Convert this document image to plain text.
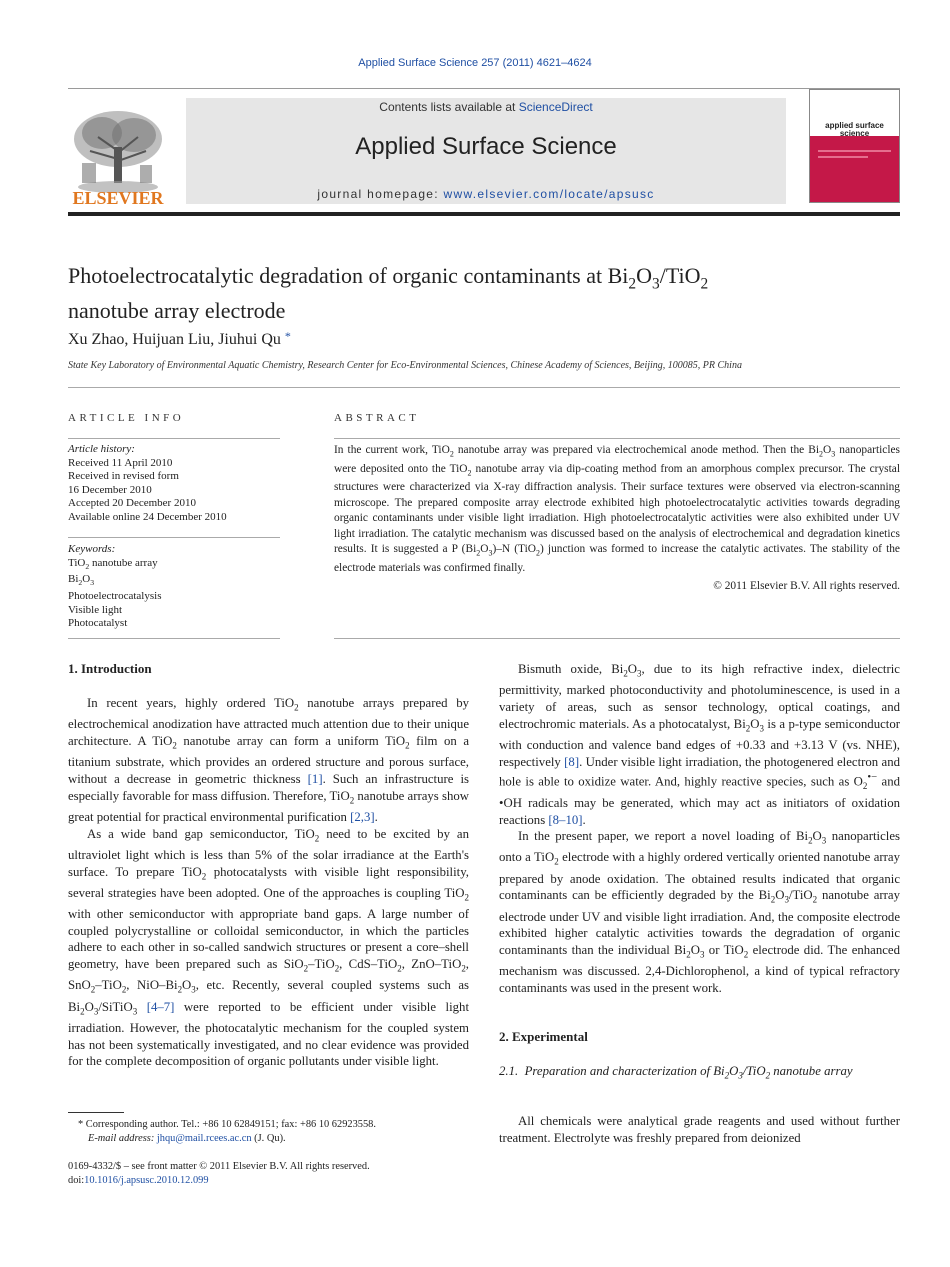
Applied Surface Science 257 (2011) 4621–4624
ELSEVIER
Contents lists available at ScienceDirect
Applied Surface Science
journal homepage: www.elsevier.com/locate/apsusc
applied surface science
Photoelectrocatalytic degradation of organic contaminants at $Bi_2O_3/TiO_2$
nanotube array electrode
Xu Zhao, Huijuan Liu, Jiuhui Qu *
State Key Laboratory of Environmental Aquatic Chemistry, Research Center for Eco-Environmental Sciences, Chinese Academy of Sciences, Beijing, 100085, PR China
ARTICLE INFO
Article history:
Received 11 April 2010
Received in revised form
16 December 2010
Accepted 20 December 2010
Available online 24 December 2010
Keywords:
TiO$_2$ nanotube array
$Bi_2O_3$
Photoelectrocatalysis
Visible light
Photocatalyst
ABSTRACT
In the current work, TiO$_2$ nanotube array was prepared via electrochemical anode method. Then the $Bi_2O_3$ nanoparticles were deposited onto the TiO$_2$ nanotube array via dip-coating method from an amorphous complex precursor. The crystal structures were characterized via X-ray diffraction analysis. Their surface textures were observed via electron-scanning microscope. The prepared composite array electrode exhibited high photoelectrocatalytic activities towards degrading organic contaminants under visible light irradiation. High photoelectrocatalytic activities were also exhibited under UV light irradiation. The catalytic mechanism was discussed based on the analysis of electrochemical and degradation kinetics results. It is suggested a P $(Bi_2O_3)-N$ (TiO$_2$) junction was formed to increase the catalytic activates. The stability of the electrode materials was confirmed finally.
© 2011 Elsevier B.V. All rights reserved.
1. Introduction

In recent years, highly ordered TiO$_2$ nanotube arrays prepared by electrochemical anodization have attracted much attention due to their unique architecture. A TiO$_2$ nanotube array can form a uniform TiO$_2$ film on a titanium substrate, which provides an ordered structure and porous surface, without a decrease in geometric thickness [1]. Such an infrastructure is especially favorable for mass diffusion. Therefore, TiO$_2$ nanotube arrays show great potential for practical environmental purification [2,3].

As a wide band gap semiconductor, TiO$_2$ need to be excited by an ultraviolet light which is less than 5% of the solar irradiance at the Earth's surface. To prepare TiO$_2$ photocatalysts with visible light responsibility, several strategies have been adopted. One of the approaches is coupling TiO$_2$ with other semiconductor with appropriate band gaps. A large number of coupled polycrystalline or colloidal semiconductor, in which the particles adhere to each other in so-called sandwich structures or present a core–shell geometry, have been prepared such as SiO$_2$–TiO$_2$, CdS–TiO$_2$, ZnO–TiO$_2$, SnO$_2$–TiO$_2$, NiO–$Bi_2O_3$, etc. Recently, several coupled systems such as $Bi_2O_3/SiTiO_3$ [4–7] were reported to be efficient under visible light irradiation. However, the photocatalytic mechanism for the coupled system has not been systematically investigated, and no clear evidence was provided for the complete decomposition of organic pollutants under visible light.

Bismuth oxide, $Bi_2O_3$, due to its high refractive index, dielectric permittivity, marked photoconductivity and photoluminescence, is used in a variety of areas, such as sensor technology, optical coatings, and electrochromic materials. As a photocatalyst, $Bi_2O_3$ is a p-type semiconductor with conduction and valence band edges of +0.33 and +3.13 V (vs. NHE), respectively [8]. Under visible light irradiation, the photogenered electron and hole is able to oxidize water. And, highly reactive species, such as $O_2^{•-}$ and •OH radicals may be generated, which may act as initiators of oxidation reactions [8–10].

In the present paper, we report a novel loading of $Bi_2O_3$ nanoparticles onto a TiO$_2$ electrode with a highly ordered vertically oriented nanotube array prepared by anode oxidation. The obtained results indicated that organic contaminants can be efficiently degraded by the $Bi_2O_3/TiO_2$ nanotube array electrode under UV and visible light irradiation. And, the composite electrode exhibited higher catalytic activities towards the degradation of organic contaminants than the individual $Bi_2O_3$ or TiO$_2$ electrode did. The enhanced mechanism was discussed. 2,4-Dichlorophenol, a kind of typical refractory contaminants was used in the present work.

2. Experimental
2.1.  Preparation and characterization of $Bi_2O_3/TiO_2$ nanotube array

All chemicals were analytical grade reagents and used without further treatment. Electrolyte was freshly prepared from deionized

* Corresponding author. Tel.: +86 10 62849151; fax: +86 10 62923558.
E-mail address: jhqu@mail.rcees.ac.cn (J. Qu).
0169-4332/$ – see front matter © 2011 Elsevier B.V. All rights reserved.
doi:10.1016/j.apsusc.2010.12.099
